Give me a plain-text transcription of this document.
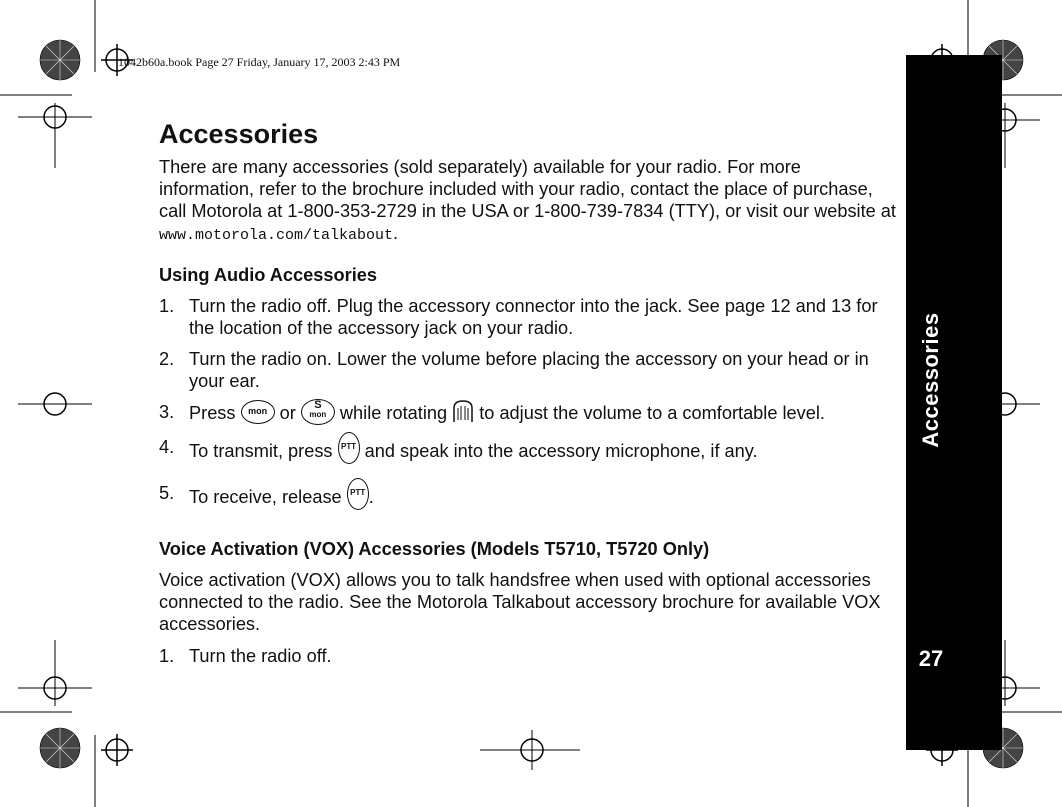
1042b60a.book Page 27 Friday, January 17, 2003 2:43 PM
Accessories
27
Accessories

There are many accessories (sold separately) available for your radio. For more information, refer to the brochure included with your radio, contact the place of purchase, call Motorola at 1-800-353-2729 in the USA or 1-800-739-7834 (TTY), or visit our website at www.motorola.com/talkabout.

Using Audio Accessories
1. Turn the radio off. Plug the accessory connector into the jack. See page 12 and 13 for the location of the accessory jack on your radio.
2. Turn the radio on. Lower the volume before placing the accessory on your head or in your ear.
3. Press mon or	S
mon while rotating to adjust the volume to a comfortable level.
4. To transmit, press PTT and speak into the accessory microphone, if any.
5. To receive, release PTT .
Voice Activation (VOX) Accessories (Models T5710, T5720 Only)

Voice activation (VOX) allows you to talk handsfree when used with optional accessories connected to the radio. See the Motorola Talkabout accessory brochure for available VOX accessories.

1. Turn the radio off.
